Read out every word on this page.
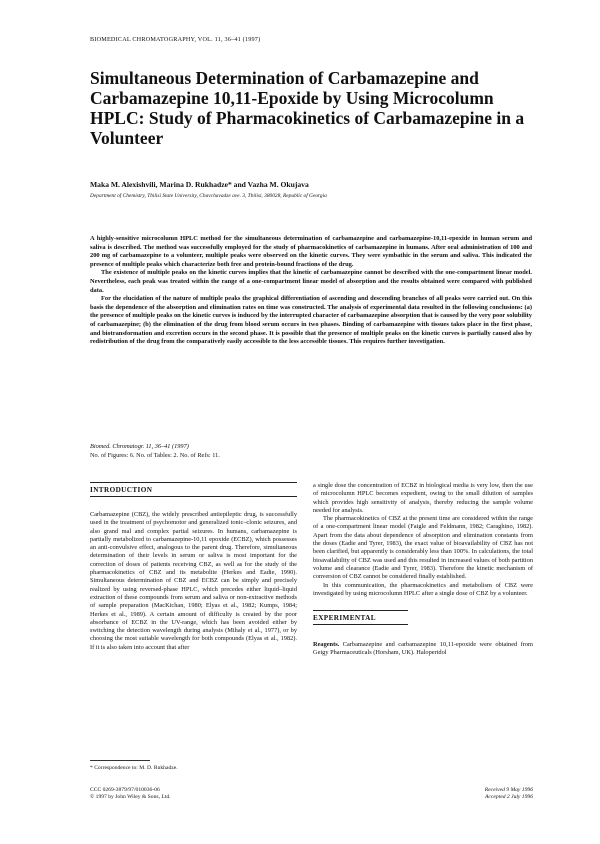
BIOMEDICAL CHROMATOGRAPHY, VOL. 11, 36–41 (1997)
Simultaneous Determination of Carbamazepine and Carbamazepine 10,11-Epoxide by Using Microcolumn HPLC: Study of Pharmacokinetics of Carbamazepine in a Volunteer
Maka M. Alexishvili, Marina D. Rukhadze* and Vazha M. Okujava
Department of Chemistry, Tbilisi State University, Chavchavadze ave. 3, Tbilisi, 380028, Republic of Georgia

A highly-sensitive microcolumn HPLC method for the simultaneous determination of carbamazepine and carbamazepine-10,11-epoxide in human serum and saliva is described. The method was successfully employed for the study of pharmacokinetics of carbamazepine in humans. After oral administration of 100 and 200 mg of carbamazepine to a volunteer, multiple peaks were observed on the kinetic curves. They were symbathic in the serum and saliva. This indicated the presence of multiple peaks which characterize both free and protein-bound fractions of the drug.

The existence of multiple peaks on the kinetic curves implies that the kinetic of carbamazepine cannot be described with the one-compartment linear model. Nevertheless, each peak was treated within the range of a one-compartment linear model of absorption and the results obtained were compared with published data.

For the elucidation of the nature of multiple peaks the graphical differentiation of ascending and descending branches of all peaks were carried out. On this basis the dependence of the absorption and elimination rates on time was constructed. The analysis of experimental data resulted in the following conclusions: (a) the presence of multiple peaks on the kinetic curves is induced by the interrupted character of carbamazepine absorption that is caused by the very poor solubility of carbamazepine; (b) the elimination of the drug from blood serum occurs in two phases. Binding of carbamazepine with tissues takes place in the first phase, and biotransformation and excretion occurs in the second phase. It is possible that the presence of multiple peaks on the kinetic curves is partially caused also by redistribution of the drug from the comparatively easily accessible to the less accessible tissues. This requires further investigation.

Biomed. Chromatogr. 11, 36–41 (1997)
No. of Figures: 6. No. of Tables: 2. No. of Refs: 11.
INTRODUCTION

Carbamazepine (CBZ), the widely prescribed antiepileptic drug, is successfully used in the treatment of psychomotor and generalized tonic–clonic seizures, and also grand mal and complex partial seizures. In humans, carbamazepine is partially metabolized to carbamazepine-10,11 epoxide (ECBZ), which possesses an anti-convulsive effect, analogous to the parent drug. Therefore, simultaneous determination of their levels in serum or saliva is most important for the correction of doses of patients receiving CBZ, as well as for the study of the pharmacokinetics of CBZ and its metabolite (Herkes and Eadie, 1990). Simultaneous determination of CBZ and ECBZ can be simply and precisely realized by using reversed-phase HPLC, which precedes either liquid–liquid extraction of these compounds from serum and saliva or non-extractive methods of sample preparation (MacKichan, 1980; Elyas et al., 1982; Kumps, 1984; Herkes et al., 1989). A certain amount of difficulty is created by the poor absorbance of ECBZ in the UV-range, which has been avoided either by switching the detection wavelength during analysis (Mihaly et al., 1977), or by choosing the most suitable wavelength for both compounds (Elyas et al., 1982). If it is also taken into account that after

a single dose the concentration of ECBZ in biological media is very low, then the use of microcolumn HPLC becomes expedient, owing to the small dilution of samples which provides high sensitivity of analysis, thereby reducing the sample volume needed for analysis.

The pharmacokinetics of CBZ at the present time are considered within the range of a one-compartment linear model (Faigle and Feldmann, 1982; Caraghino, 1982). Apart from the data about dependence of absorption and elimination constants from the doses (Eadie and Tyrer, 1983), the exact value of bioavailability of CBZ has not been clarified, but apparently is considerably less than 100%. In calculations, the total bioavailability of CBZ was used and this resulted in increased values of both partition volume and clearance (Eadie and Tyrer, 1983). Therefore the kinetic mechanism of conversion of CBZ cannot be considered finally established.

In this communication, the pharmacokinetics and metabolism of CBZ were investigated by using microcolumn HPLC after a single dose of CBZ by a volunteer.

EXPERIMENTAL

Reagents. Carbamazepine and carbamazepine 10,11-epoxide were obtained from Geigy Pharmaceuticals (Horsham, UK). Haloperidol

* Correspondence to: M. D. Rukhadze.
CCC 0269-3879/97/010036-06
© 1997 by John Wiley & Sons, Ltd.
Received 9 May 1996
Accepted 2 July 1996
